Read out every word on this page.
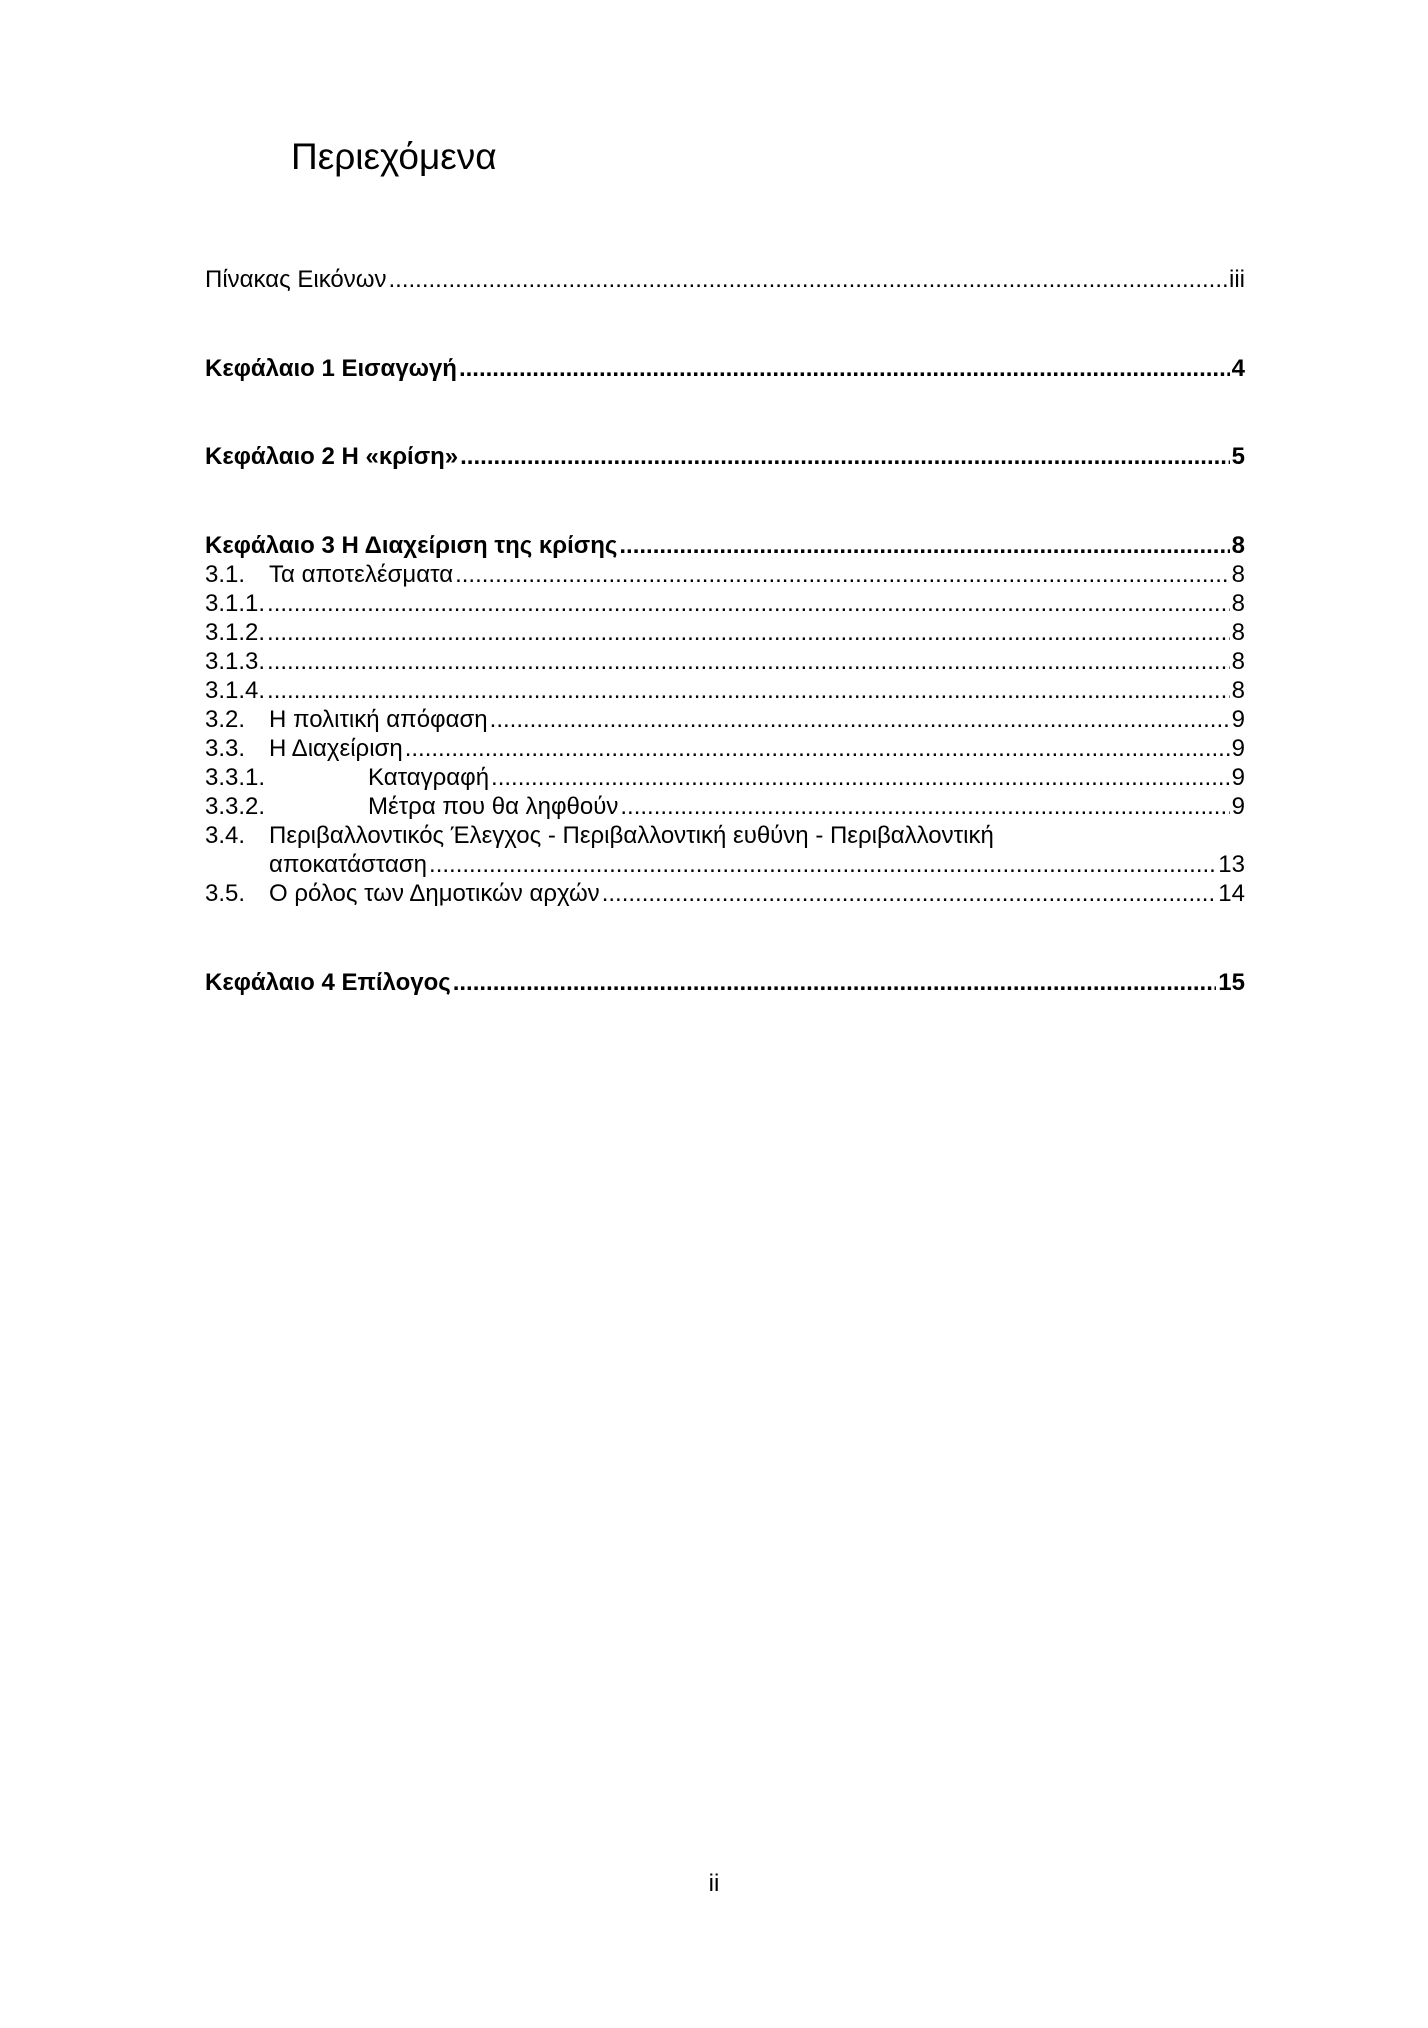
Περιεχόμενα
Πίνακας Εικόνων .....	iii
Κεφάλαιο 1 Εισαγωγή .....	4
Κεφάλαιο 2 Η «κρίση» .....	5
Κεφάλαιο 3 Η Διαχείριση της κρίσης .....	8
3.1. Τα αποτελέσματα .....	8
3.1.1. .....	8
3.1.2. .....	8
3.1.3. .....	8
3.1.4. .....	8
3.2. Η πολιτική απόφαση .....	9
3.3. Η Διαχείριση .....	9
3.3.1.	Καταγραφή .....	9
3.3.2.	Μέτρα που θα ληφθούν .....	9
3.4. Περιβαλλοντικός Έλεγχος - Περιβαλλοντική ευθύνη - Περιβαλλοντική
αποκατάσταση .....	13
3.5. Ο ρόλος των Δημοτικών αρχών .....	14
Κεφάλαιο 4 Επίλογος .....	15
ii
